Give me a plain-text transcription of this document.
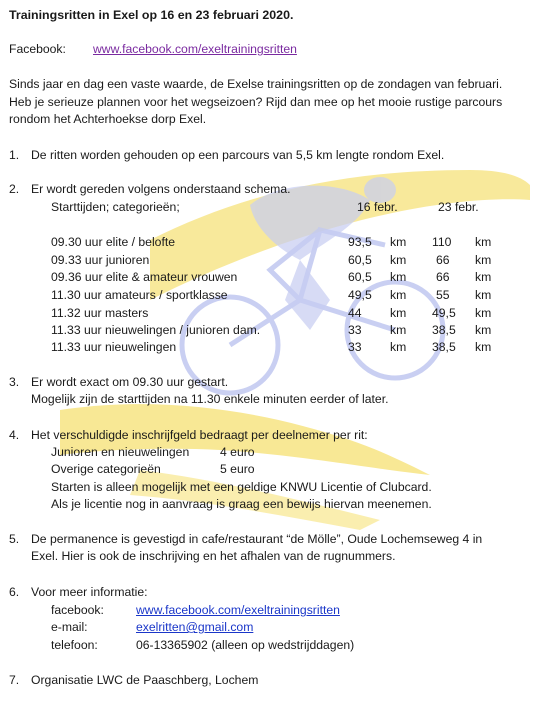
Trainingsritten in Exel op 16 en 23 februari 2020.
Facebook: www.facebook.com/exeltrainingsritten
Sinds jaar en dag een vaste waarde, de Exelse trainingsritten op de zondagen van februari.
Heb je serieuze plannen voor het wegseizoen? Rijd dan mee op het mooie rustige parcours
rondom het Achterhoekse dorp Exel.
1. De ritten worden gehouden op een parcours van 5,5 km lengte rondom Exel.
2. Er wordt gereden volgens onderstaand schema.
Starttijden; categorieën;	16 febr.	23 febr.
09.30 uur elite / belofte	93,5 km 110 km
09.33 uur junioren	60,5 km 66 km
09.36 uur elite & amateur vrouwen	60,5 km 66 km
11.30 uur amateurs / sportklasse	49,5 km 55 km
11.32 uur masters	44 km 49,5 km
11.33 uur nieuwelingen / junioren dam.	33 km 38,5 km
11.33 uur nieuwelingen	33 km 38,5 km
3. Er wordt exact om 09.30 uur gestart.
Mogelijk zijn de starttijden na 11.30 enkele minuten eerder of later.
4. Het verschuldigde inschrijfgeld bedraagt per deelnemer per rit:
Junioren en nieuwelingen	4 euro
Overige categorieën	5 euro
Starten is alleen mogelijk met een geldige KNWU Licentie of Clubcard.
Als je licentie nog in aanvraag is graag een bewijs hiervan meenemen.
5. De permanence is gevestigd in cafe/restaurant “de Mölle”, Oude Lochemseweg 4 in
Exel. Hier is ook de inschrijving en het afhalen van de rugnummers.
6. Voor meer informatie:
facebook:	www.facebook.com/exeltrainingsritten
e-mail:	exelritten@gmail.com
telefoon:	06-13365902 (alleen op wedstrijddagen)
7. Organisatie LWC de Paaschberg, Lochem
